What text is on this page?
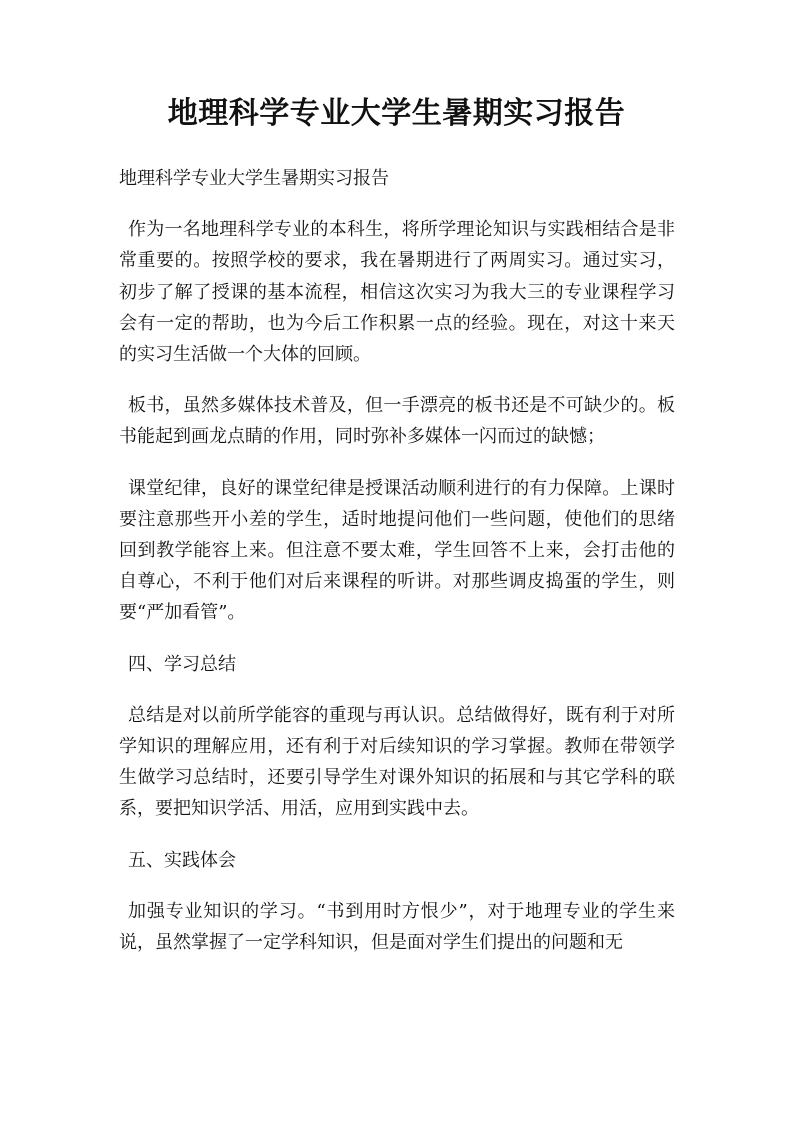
地理科学专业大学生暑期实习报告
地理科学专业大学生暑期实习报告
作为一名地理科学专业的本科生，将所学理论知识与实践相结合是非常重要的。按照学校的要求，我在暑期进行了两周实习。通过实习，初步了解了授课的基本流程，相信这次实习为我大三的专业课程学习会有一定的帮助，也为今后工作积累一点的经验。现在，对这十来天的实习生活做一个大体的回顾。
板书，虽然多媒体技术普及，但一手漂亮的板书还是不可缺少的。板书能起到画龙点睛的作用，同时弥补多媒体一闪而过的缺憾；
课堂纪律，良好的课堂纪律是授课活动顺利进行的有力保障。上课时要注意那些开小差的学生，适时地提问他们一些问题，使他们的思绪回到教学能容上来。但注意不要太难，学生回答不上来，会打击他的自尊心，不利于他们对后来课程的听讲。对那些调皮捣蛋的学生，则要“严加看管”。
四、学习总结
总结是对以前所学能容的重现与再认识。总结做得好，既有利于对所学知识的理解应用，还有利于对后续知识的学习掌握。教师在带领学生做学习总结时，还要引导学生对课外知识的拓展和与其它学科的联系，要把知识学活、用活，应用到实践中去。
五、实践体会
加强专业知识的学习。“书到用时方恨少”，对于地理专业的学生来说，虽然掌握了一定学科知识，但是面对学生们提出的问题和无
